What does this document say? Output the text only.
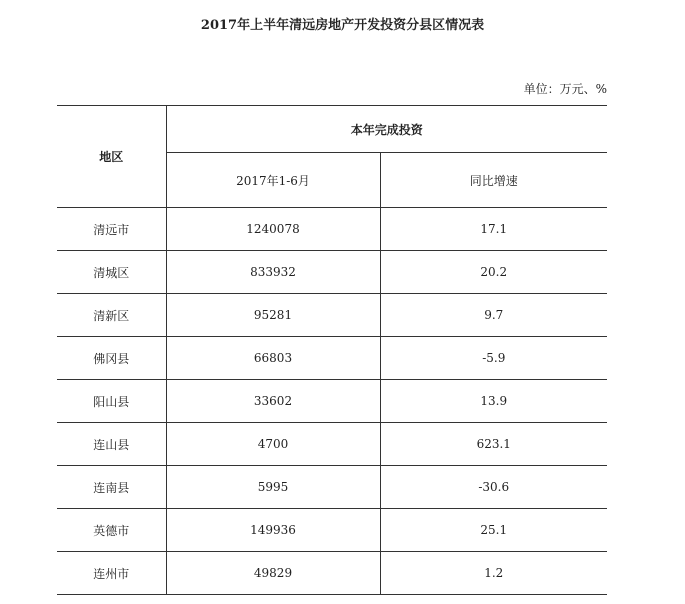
2017年上半年清远房地产开发投资分县区情况表
单位：万元、%
地区	本年完成投资	
	2017年1-6月	同比增速
清远市	1240078	17.1
清城区	833932	20.2
清新区	95281	9.7
佛冈县	66803	-5.9
阳山县	33602	13.9
连山县	4700	623.1
连南县	5995	-30.6
英德市	149936	25.1
连州市	49829	1.2
